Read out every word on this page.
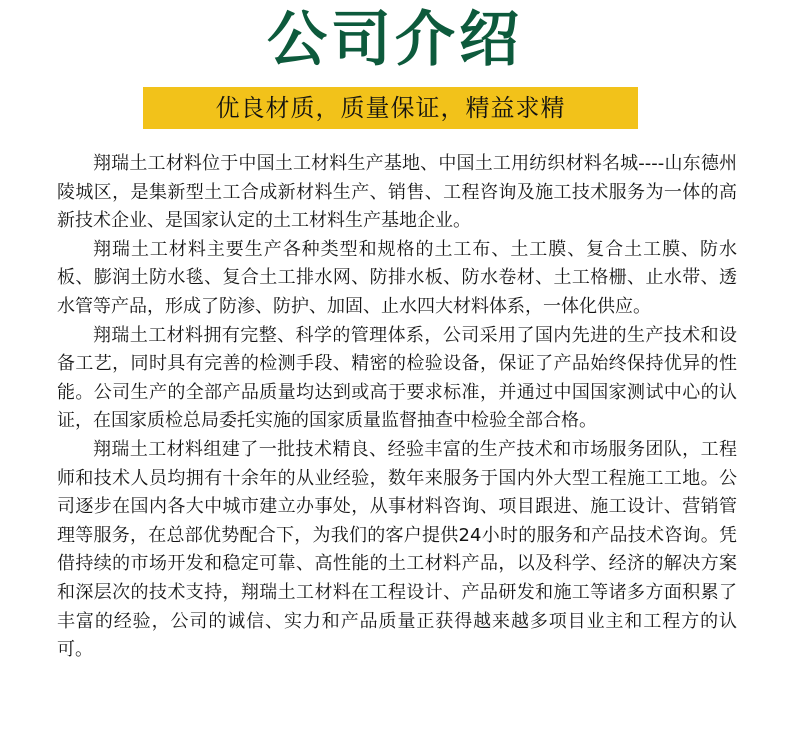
公司介绍
优良材质，质量保证，精益求精

翔瑞土工材料位于中国土工材料生产基地、中国土工用纺织材料名城----山东德州陵城区，是集新型土工合成新材料生产、销售、工程咨询及施工技术服务为一体的高新技术企业、是国家认定的土工材料生产基地企业。

翔瑞土工材料主要生产各种类型和规格的土工布、土工膜、复合土工膜、防水板、膨润土防水毯、复合土工排水网、防排水板、防水卷材、土工格栅、止水带、透水管等产品，形成了防渗、防护、加固、止水四大材料体系，一体化供应。

翔瑞土工材料拥有完整、科学的管理体系，公司采用了国内先进的生产技术和设备工艺，同时具有完善的检测手段、精密的检验设备，保证了产品始终保持优异的性能。公司生产的全部产品质量均达到或高于要求标准，并通过中国国家测试中心的认证，在国家质检总局委托实施的国家质量监督抽查中检验全部合格。

翔瑞土工材料组建了一批技术精良、经验丰富的生产技术和市场服务团队，工程师和技术人员均拥有十余年的从业经验，数年来服务于国内外大型工程施工工地。公司逐步在国内各大中城市建立办事处，从事材料咨询、项目跟进、施工设计、营销管理等服务，在总部优势配合下，为我们的客户提供24小时的服务和产品技术咨询。凭借持续的市场开发和稳定可靠、高性能的土工材料产品，以及科学、经济的解决方案和深层次的技术支持，翔瑞土工材料在工程设计、产品研发和施工等诸多方面积累了丰富的经验，公司的诚信、实力和产品质量正获得越来越多项目业主和工程方的认可。
